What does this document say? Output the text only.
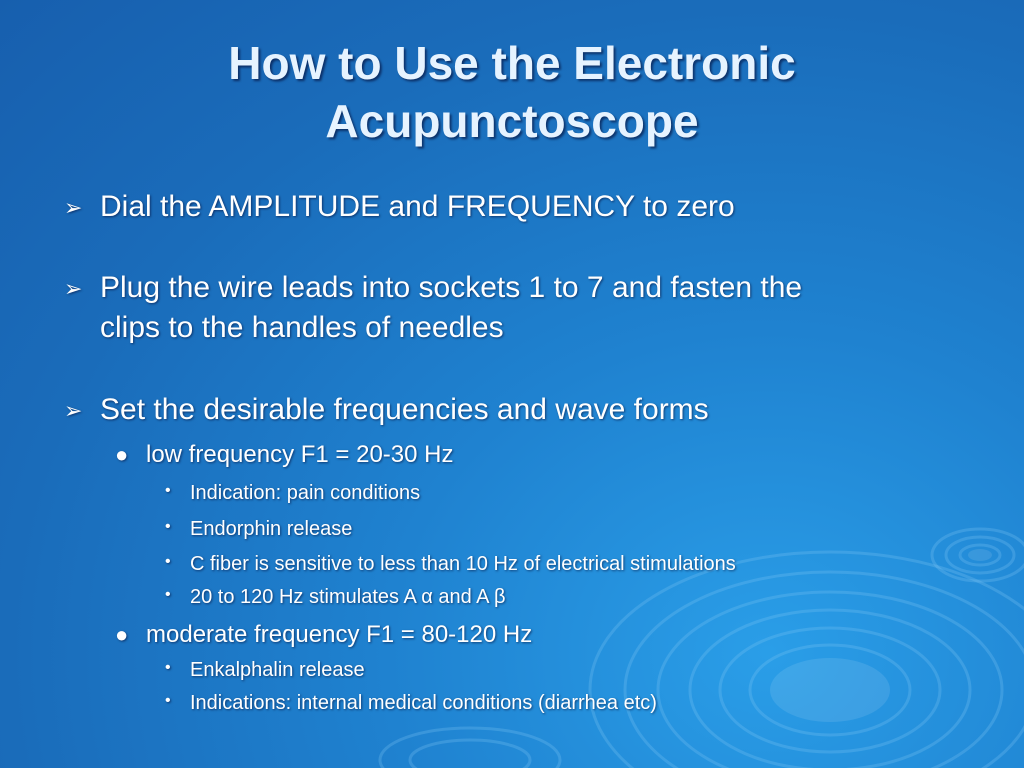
How to Use the Electronic
Acupunctoscope
➢ Dial the AMPLITUDE and FREQUENCY to zero
➢ Plug the wire leads into sockets 1 to 7 and fasten the
clips to the handles of needles
➢ Set the desirable frequencies and wave forms
● low frequency F1 = 20-30 Hz
• Indication: pain conditions
• Endorphin release
• C fiber is sensitive to less than 10 Hz of electrical stimulations
• 20 to 120 Hz stimulates A α and A β
● moderate frequency F1 = 80-120 Hz
• Enkalphalin release
• Indications: internal medical conditions (diarrhea etc)
